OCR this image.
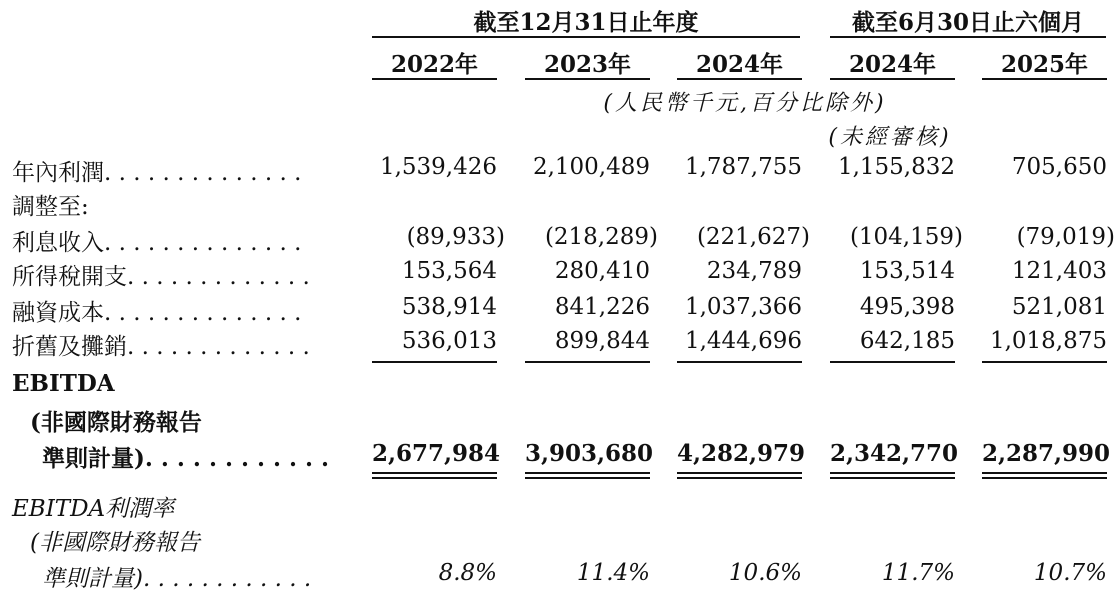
截至12月31日止年度	截至6月30日止六個月
2022年	2023年	2024年	2024年	2025年
(人民幣千元,百分比除外)
(未經審核)
年內利潤. . . . . . . . . . . . . .	1,539,426	2,100,489	1,787,755	1,155,832	705,650
調整至:
利息收入. . . . . . . . . . . . . .	(89,933)	(218,289)	(221,627)	(104,159)	(79,019)
所得稅開支. . . . . . . . . . . . .	153,564	280,410	234,789	153,514	121,403
融資成本. . . . . . . . . . . . . .	538,914	841,226	1,037,366	495,398	521,081
折舊及攤銷. . . . . . . . . . . . .	536,013	899,844	1,444,696	642,185	1,018,875
EBITDA
(非國際財務報告
準則計量). . . . . . . . . . . . 2,677,984 3,903,680 4,282,979 2,342,770 2,287,990
EBITDA利潤率
(非國際財務報告
準則計量). . . . . . . . . . . .	8.8%	11.4%	10.6%	11.7%	10.7%
